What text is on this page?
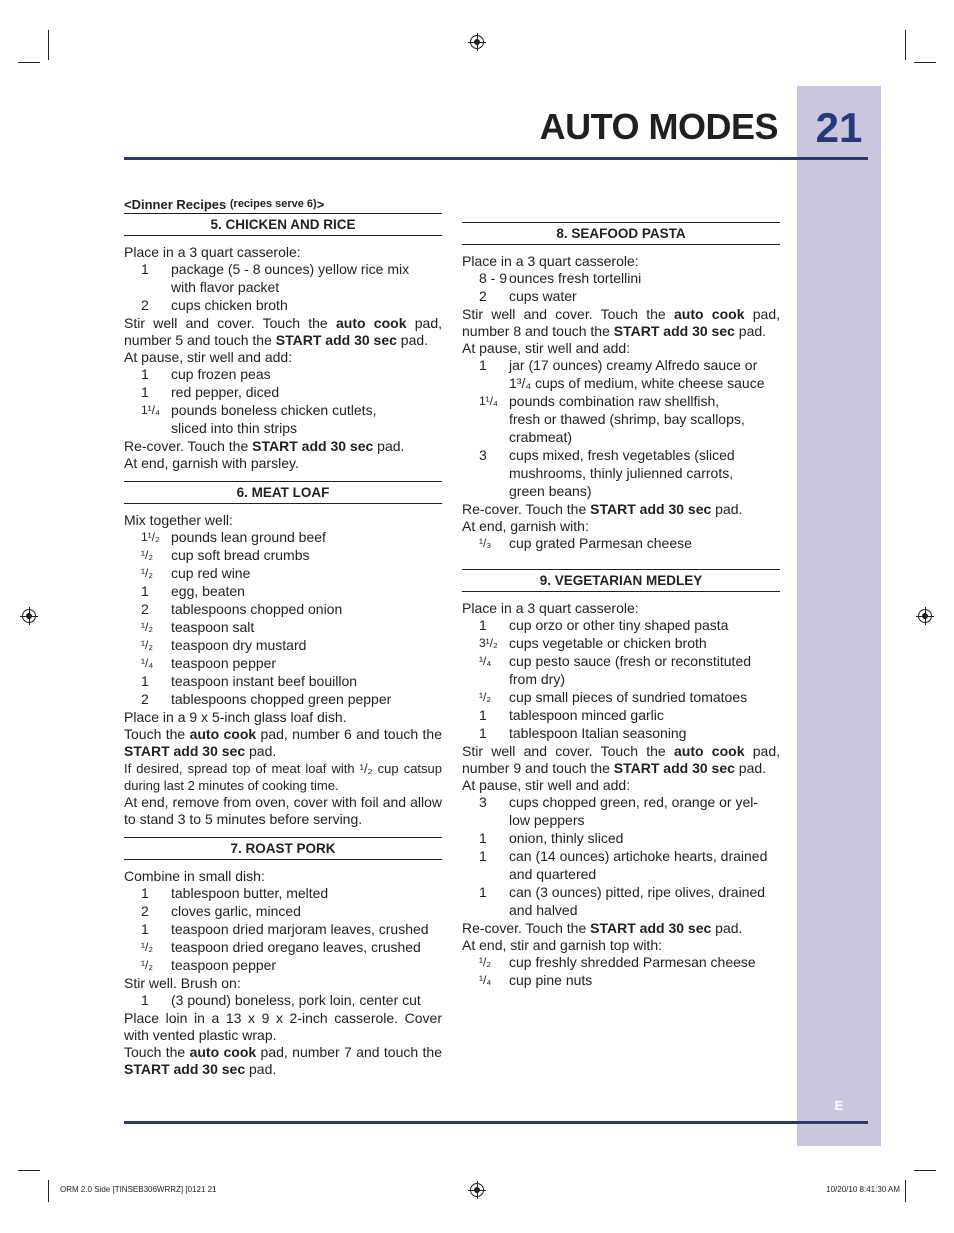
21
E
AUTO MODES

<Dinner Recipes (recipes serve 6)>

5. CHICKEN AND RICE

Place in a 3 quart casserole:

1	package (5 - 8 ounces) yellow rice mix
with flavor packet
2	cups chicken broth

Stir well and cover. Touch the auto cook pad, number 5 and touch the START add 30 sec pad.

At pause, stir well and add:

1	cup frozen peas
1	red pepper, diced
1¹/₄ pounds boneless chicken cutlets,
sliced into thin strips

Re-cover. Touch the START add 30 sec pad.

At end, garnish with parsley.

6. MEAT LOAF

Mix together well:

1¹/₂ pounds lean ground beef
¹/₂	cup soft bread crumbs
¹/₂	cup red wine
1	egg, beaten
2	tablespoons chopped onion
¹/₂	teaspoon salt
¹/₂	teaspoon dry mustard
¹/₄	teaspoon pepper
1	teaspoon instant beef bouillon
2	tablespoons chopped green pepper

Place in a 9 x 5-inch glass loaf dish.

Touch the auto cook pad, number 6 and touch the START add 30 sec pad.

If desired, spread top of meat loaf with ¹/₂ cup catsup during last 2 minutes of cooking time.

At end, remove from oven, cover with foil and allow to stand 3 to 5 minutes before serving.

7. ROAST PORK

Combine in small dish:

1	tablespoon butter, melted
2	cloves garlic, minced
1	teaspoon dried marjoram leaves, crushed
¹/₂	teaspoon dried oregano leaves, crushed
¹/₂	teaspoon pepper

Stir well. Brush on:

1	(3 pound) boneless, pork loin, center cut

Place loin in a 13 x 9 x 2-inch casserole. Cover with vented plastic wrap.

Touch the auto cook pad, number 7 and touch the START add 30 sec pad.

8. SEAFOOD PASTA

Place in a 3 quart casserole:

8 - 9 ounces fresh tortellini
2	cups water

Stir well and cover. Touch the auto cook pad, number 8 and touch the START add 30 sec pad.

At pause, stir well and add:

1	jar (17 ounces) creamy Alfredo sauce or
1³/₄ cups of medium, white cheese sauce
1¹/₄ pounds combination raw shellfish,
fresh or thawed (shrimp, bay scallops,
crabmeat)
3	cups mixed, fresh vegetables (sliced
mushrooms, thinly julienned carrots,
green beans)

Re-cover. Touch the START add 30 sec pad.

At end, garnish with:

¹/₃	cup grated Parmesan cheese
9. VEGETARIAN MEDLEY

Place in a 3 quart casserole:

1	cup orzo or other tiny shaped pasta
3¹/₂ cups vegetable or chicken broth
¹/₄	cup pesto sauce (fresh or reconstituted
from dry)
¹/₂	cup small pieces of sundried tomatoes
1	tablespoon minced garlic
1	tablespoon Italian seasoning

Stir well and cover. Touch the auto cook pad, number 9 and touch the START add 30 sec pad.

At pause, stir well and add:

3	cups chopped green, red, orange or yel-
low peppers
1	onion, thinly sliced
1	can (14 ounces) artichoke hearts, drained
and quartered
1	can (3 ounces) pitted, ripe olives, drained
and halved

Re-cover. Touch the START add 30 sec pad.

At end, stir and garnish top with:

¹/₂	cup freshly shredded Parmesan cheese
¹/₄	cup pine nuts
ORM 2.0 Side [TINSEB306WRRZ] [0121 21	10/20/10 8:41:30 AM
